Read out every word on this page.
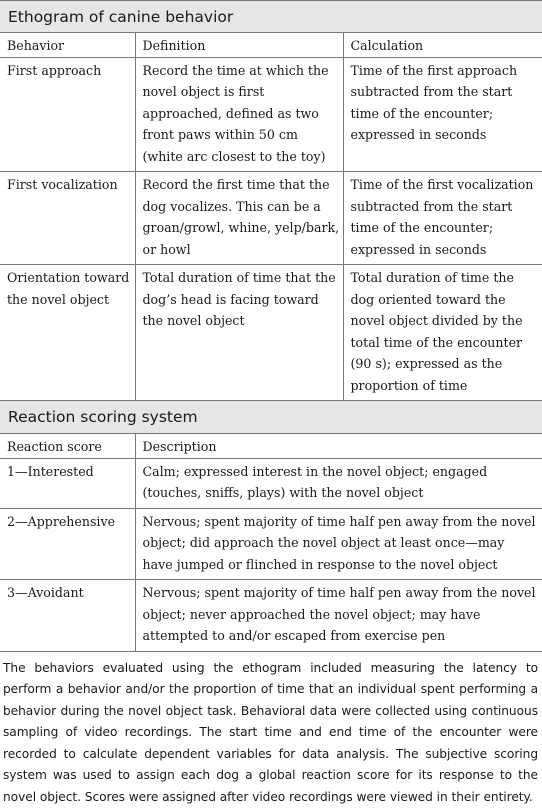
Ethogram of canine behavior
Behavior	Definition	Calculation
First approach	Record the time at which the novel object is first approached, defined as two front paws within 50 cm (white arc closest to the toy)	Time of the first approach subtracted from the start time of the encounter; expressed in seconds
First vocalization	Record the first time that the dog vocalizes. This can be a groan/growl, whine, yelp/bark, or howl	Time of the first vocalization subtracted from the start time of the encounter; expressed in seconds
Orientation toward the novel object	Total duration of time that the dog’s head is facing toward the novel object	Total duration of time the dog oriented toward the novel object divided by the total time of the encounter (90 s); expressed as the proportion of time
Reaction scoring system
Reaction score	Description
1—Interested	Calm; expressed interest in the novel object; engaged (touches, sniffs, plays) with the novel object
2—Apprehensive	Nervous; spent majority of time half pen away from the novel object; did approach the novel object at least once—may have jumped or flinched in response to the novel object
3—Avoidant	Nervous; spent majority of time half pen away from the novel object; never approached the novel object; may have attempted to and/or escaped from exercise pen
The behaviors evaluated using the ethogram included measuring the latency to perform a behavior and/or the proportion of time that an individual spent performing a behavior during the novel object task. Behavioral data were collected using continuous sampling of video recordings. The start time and end time of the encounter were recorded to calculate dependent variables for data analysis. The subjective scoring system was used to assign each dog a global reaction score for its response to the novel object. Scores were assigned after video recordings were viewed in their entirety.
